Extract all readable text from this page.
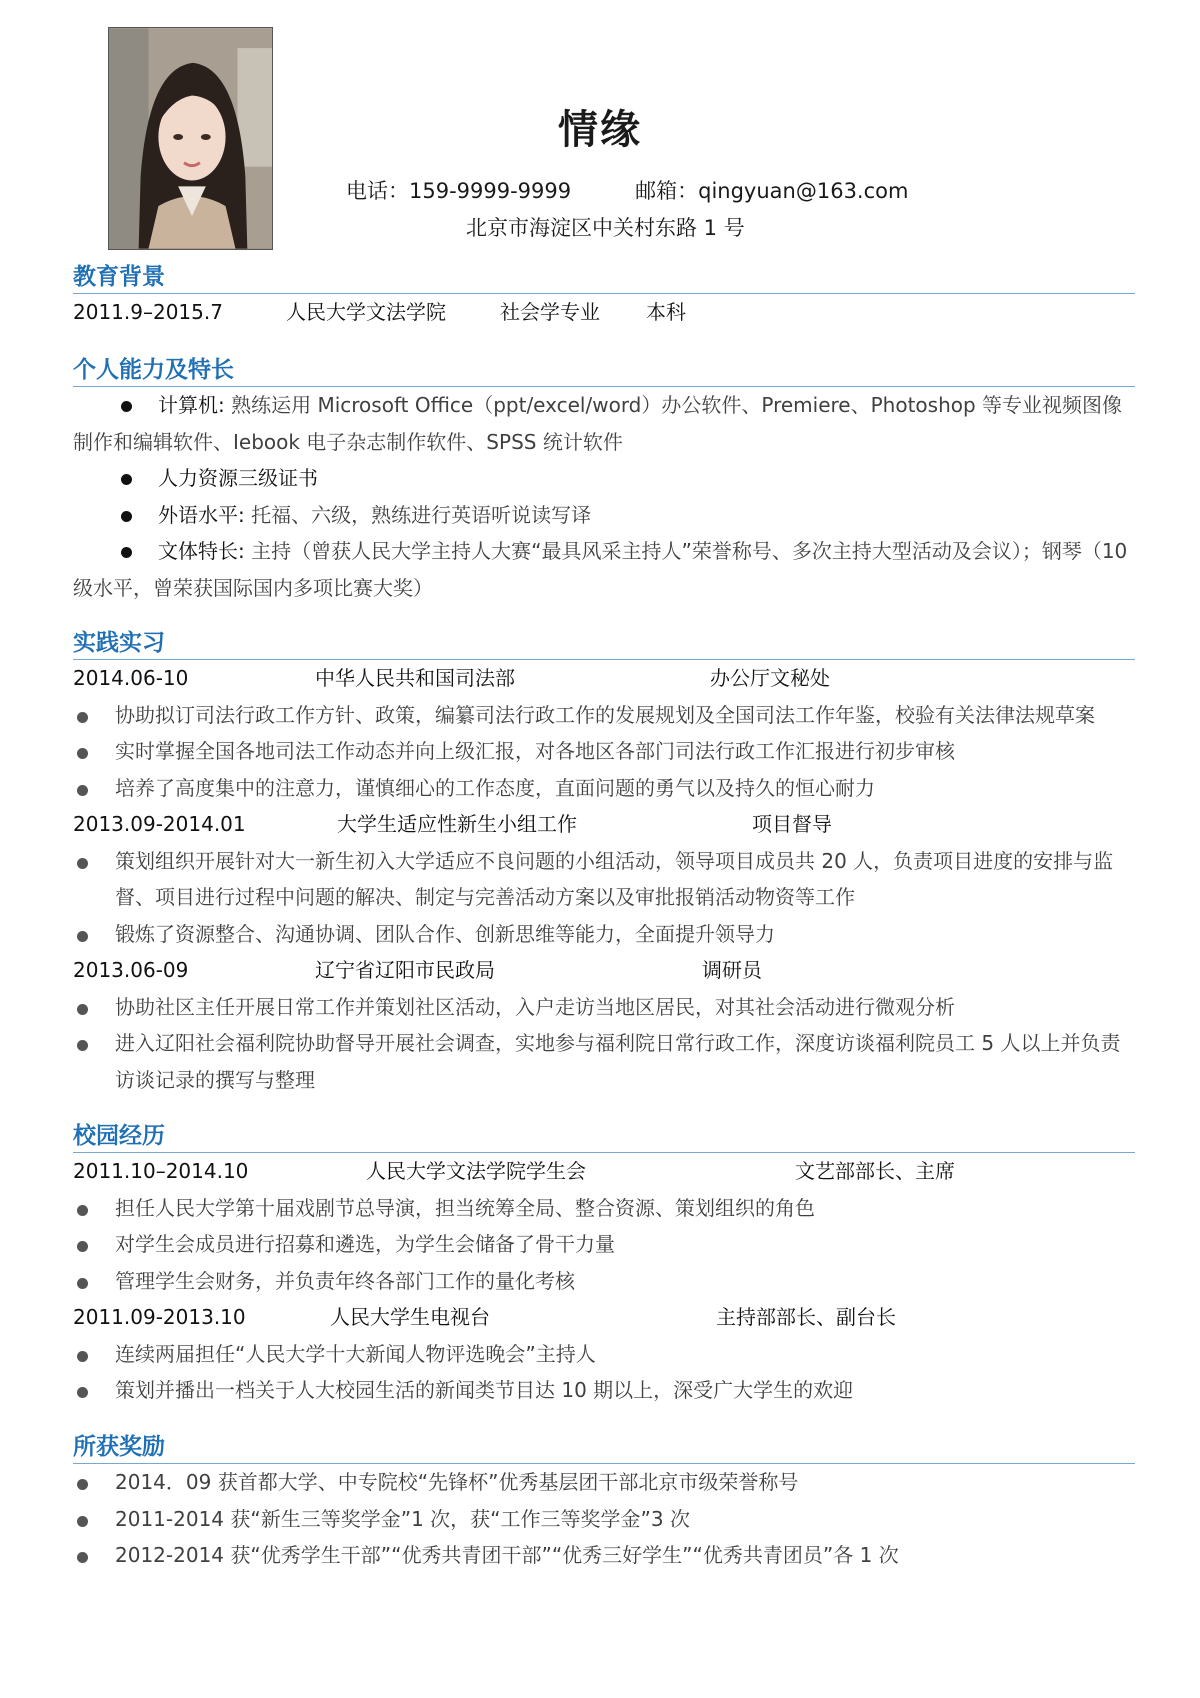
情缘
电话：159-9999-9999	邮箱：qingyuan@163.com
北京市海淀区中关村东路 1 号
教育背景
2011.9–2015.7	人民大学文法学院	社会学专业 本科
个人能力及特长
计算机: 熟练运用 Microsoft Office（ppt/excel/word）办公软件、Premiere、Photoshop 等专业视频图像制作和编辑软件、Iebook 电子杂志制作软件、SPSS 统计软件
人力资源三级证书
外语水平: 托福、六级，熟练进行英语听说读写译
文体特长: 主持（曾获人民大学主持人大赛“最具风采主持人”荣誉称号、多次主持大型活动及会议）；钢琴（10 级水平，曾荣获国际国内多项比赛大奖）
实践实习
2014.06-10	中华人民共和国司法部	办公厅文秘处
协助拟订司法行政工作方针、政策，编纂司法行政工作的发展规划及全国司法工作年鉴，校验有关法律法规草案
实时掌握全国各地司法工作动态并向上级汇报，对各地区各部门司法行政工作汇报进行初步审核
培养了高度集中的注意力，谨慎细心的工作态度，直面问题的勇气以及持久的恒心耐力
2013.09-2014.01	大学生适应性新生小组工作	项目督导
策划组织开展针对大一新生初入大学适应不良问题的小组活动，领导项目成员共 20 人，负责项目进度的安排与监督、项目进行过程中问题的解决、制定与完善活动方案以及审批报销活动物资等工作
锻炼了资源整合、沟通协调、团队合作、创新思维等能力，全面提升领导力
2013.06-09	辽宁省辽阳市民政局	调研员
协助社区主任开展日常工作并策划社区活动，入户走访当地区居民，对其社会活动进行微观分析
进入辽阳社会福利院协助督导开展社会调查，实地参与福利院日常行政工作，深度访谈福利院员工 5 人以上并负责访谈记录的撰写与整理
校园经历
2011.10–2014.10	人民大学文法学院学生会	文艺部部长、主席
担任人民大学第十届戏剧节总导演，担当统筹全局、整合资源、策划组织的角色
对学生会成员进行招募和遴选，为学生会储备了骨干力量
管理学生会财务，并负责年终各部门工作的量化考核
2011.09-2013.10	人民大学生电视台	主持部部长、副台长
连续两届担任“人民大学十大新闻人物评选晚会”主持人
策划并播出一档关于人大校园生活的新闻类节目达 10 期以上，深受广大学生的欢迎
所获奖励
2014．09 获首都大学、中专院校“先锋杯”优秀基层团干部北京市级荣誉称号
2011-2014 获“新生三等奖学金”1 次，获“工作三等奖学金”3 次
2012-2014 获“优秀学生干部”“优秀共青团干部”“优秀三好学生”“优秀共青团员”各 1 次
